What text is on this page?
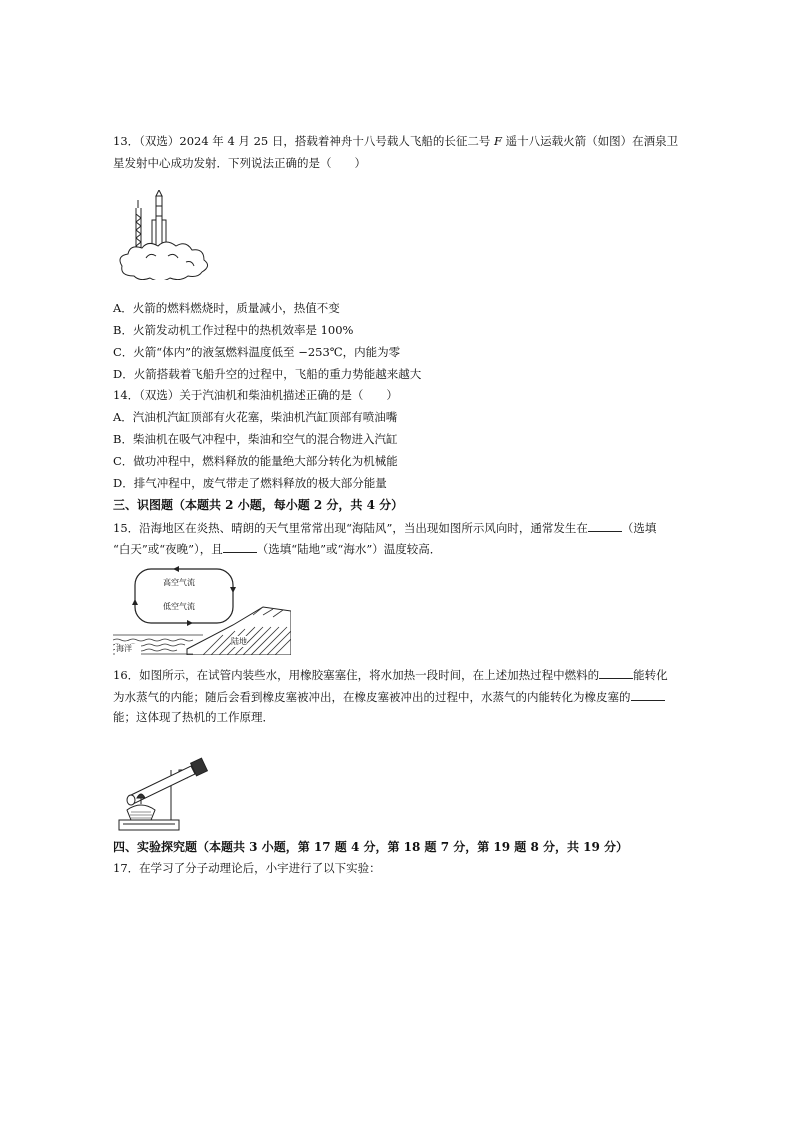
13．（双选）2024 年 4 月 25 日，搭载着神舟十八号载人飞船的长征二号 F 遥十八运载火箭（如图）在酒泉卫
星发射中心成功发射．下列说法正确的是（　　）
A．火箭的燃料燃烧时，质量减小，热值不变
B．火箭发动机工作过程中的热机效率是 100%
C．火箭“体内”的液氢燃料温度低至 −253℃，内能为零
D．火箭搭载着飞船升空的过程中，飞船的重力势能越来越大
14．（双选）关于汽油机和柴油机描述正确的是（　　）
A．汽油机汽缸顶部有火花塞，柴油机汽缸顶部有喷油嘴
B．柴油机在吸气冲程中，柴油和空气的混合物进入汽缸
C．做功冲程中，燃料释放的能量绝大部分转化为机械能
D．排气冲程中，废气带走了燃料释放的极大部分能量
三、识图题（本题共 2 小题，每小题 2 分，共 4 分）
15．沿海地区在炎热、晴朗的天气里常常出现“海陆风”，当出现如图所示风向时，通常发生在	（选填
“白天”或“夜晚”），且	（选填“陆地”或“海水”）温度较高．
高空气流
低空气流
陆地
海洋
16．如图所示，在试管内装些水，用橡胶塞塞住，将水加热一段时间，在上述加热过程中燃料的	能转化
为水蒸气的内能；随后会看到橡皮塞被冲出，在橡皮塞被冲出的过程中，水蒸气的内能转化为橡皮塞的
能；这体现了热机的工作原理．
四、实验探究题（本题共 3 小题，第 17 题 4 分，第 18 题 7 分，第 19 题 8 分，共 19 分）
17．在学习了分子动理论后，小宇进行了以下实验：
